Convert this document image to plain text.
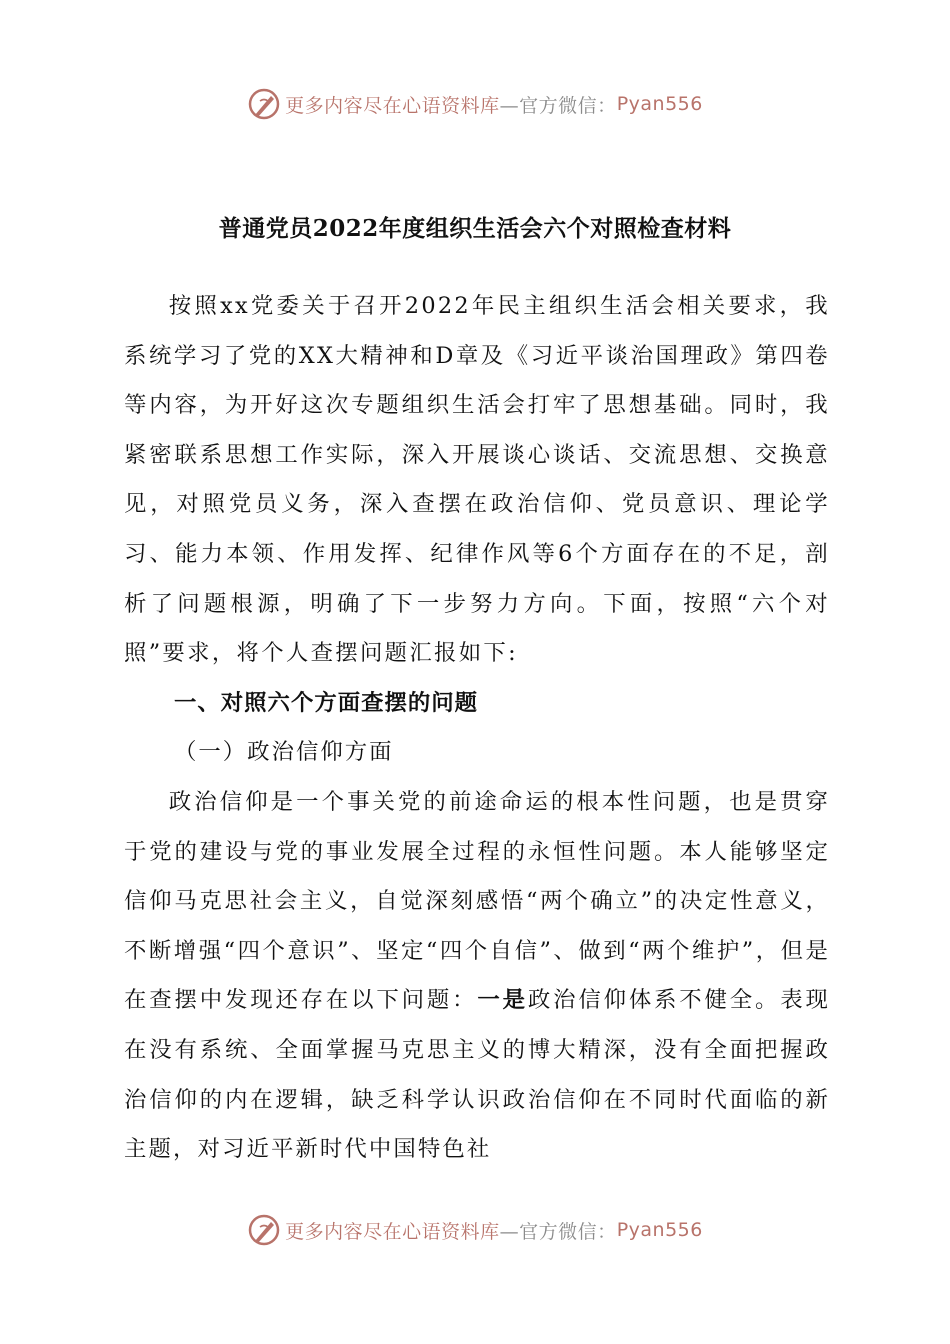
更多内容尽在心语资料库 —官方微信： Pyan556
普通党员2022年度组织生活会六个对照检查材料

按照xx党委关于召开2022年民主组织生活会相关要求，我系统学习了党的XX大精神和D章及《习近平谈治国理政》第四卷等内容，为开好这次专题组织生活会打牢了思想基础。同时，我紧密联系思想工作实际，深入开展谈心谈话、交流思想、交换意见，对照党员义务，深入查摆在政治信仰、党员意识、理论学习、能力本领、作用发挥、纪律作风等6个方面存在的不足，剖析了问题根源，明确了下一步努力方向。下面，按照“六个对照”要求，将个人查摆问题汇报如下:

一、对照六个方面查摆的问题

（一）政治信仰方面

政治信仰是一个事关党的前途命运的根本性问题，也是贯穿于党的建设与党的事业发展全过程的永恒性问题。本人能够坚定信仰马克思社会主义，自觉深刻感悟“两个确立”的决定性意义，不断增强“四个意识”、坚定“四个自信”、做到“两个维护”，但是在查摆中发现还存在以下问题：一是政治信仰体系不健全。表现在没有系统、全面掌握马克思主义的博大精深，没有全面把握政治信仰的内在逻辑，缺乏科学认识政治信仰在不同时代面临的新主题，对习近平新时代中国特色社

更多内容尽在心语资料库 —官方微信： Pyan556
